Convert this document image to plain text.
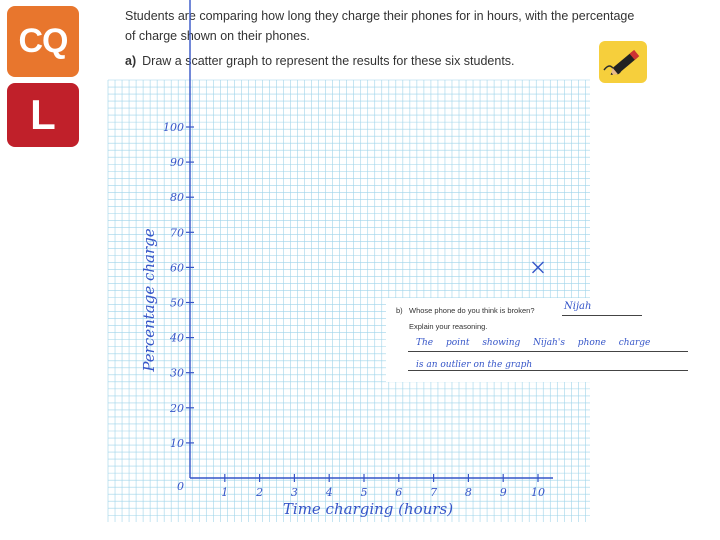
CQ
L
Students are comparing how long they charge their phones for in hours, with the percentage of charge shown on their phones.
a) Draw a scatter graph to represent the results for these six students.
1	2	3	4	5	6	7	8	9 10
10
20
30
40
50
60
70
80
90
100
0
Time charging (hours)
Percentage charge	b) Whose phone do you think is broken?	Nijah
Explain your reasoning.
The point showing Nijah's phone charge
is an outlier on the graph
